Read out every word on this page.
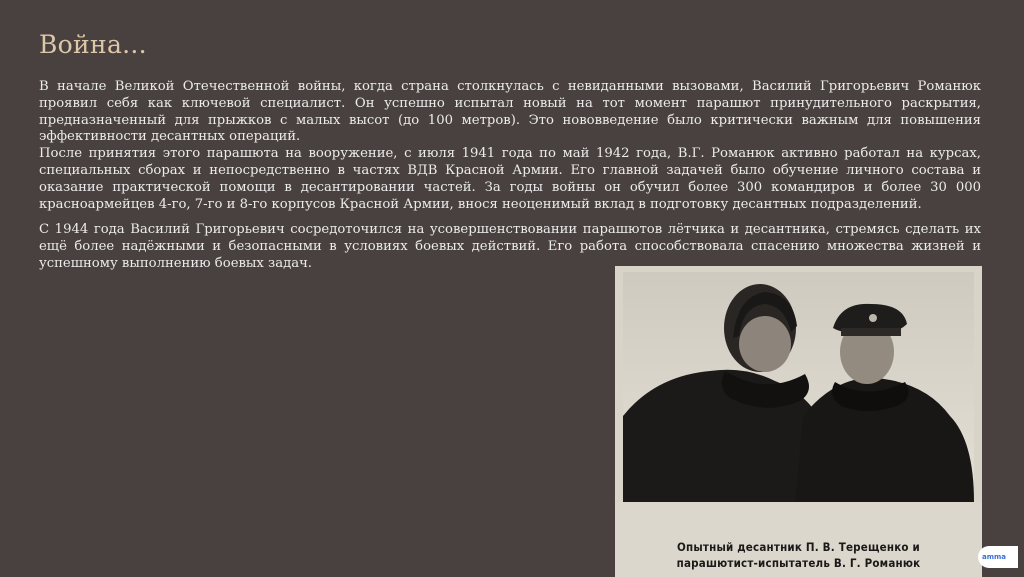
Война...

В начале Великой Отечественной войны, когда страна столкнулась с невиданными вызовами, Василий Григорьевич Романюк проявил себя как ключевой специалист. Он успешно испытал новый на тот момент парашют принудительного раскрытия, предназначенный для прыжков с малых высот (до 100 метров). Это нововведение было критически важным для повышения эффективности десантных операций.

После принятия этого парашюта на вооружение, с июля 1941 года по май 1942 года, В.Г. Романюк активно работал на курсах, специальных сборах и непосредственно в частях ВДВ Красной Армии. Его главной задачей было обучение личного состава и оказание практической помощи в десантировании частей. За годы войны он обучил более 300 командиров и более 30 000 красноармейцев 4-го, 7-го и 8-го корпусов Красной Армии, внося неоценимый вклад в подготовку десантных подразделений.

С 1944 года Василий Григорьевич сосредоточился на усовершенствовании парашютов лётчика и десантника, стремясь сделать их ещё более надёжными и безопасными в условиях боевых действий. Его работа способствовала спасению множества жизней и успешному выполнению боевых задач.

Опытный десантник П. В. Терещенко и
парашютист-испытатель В. Г. Романюк	amma
